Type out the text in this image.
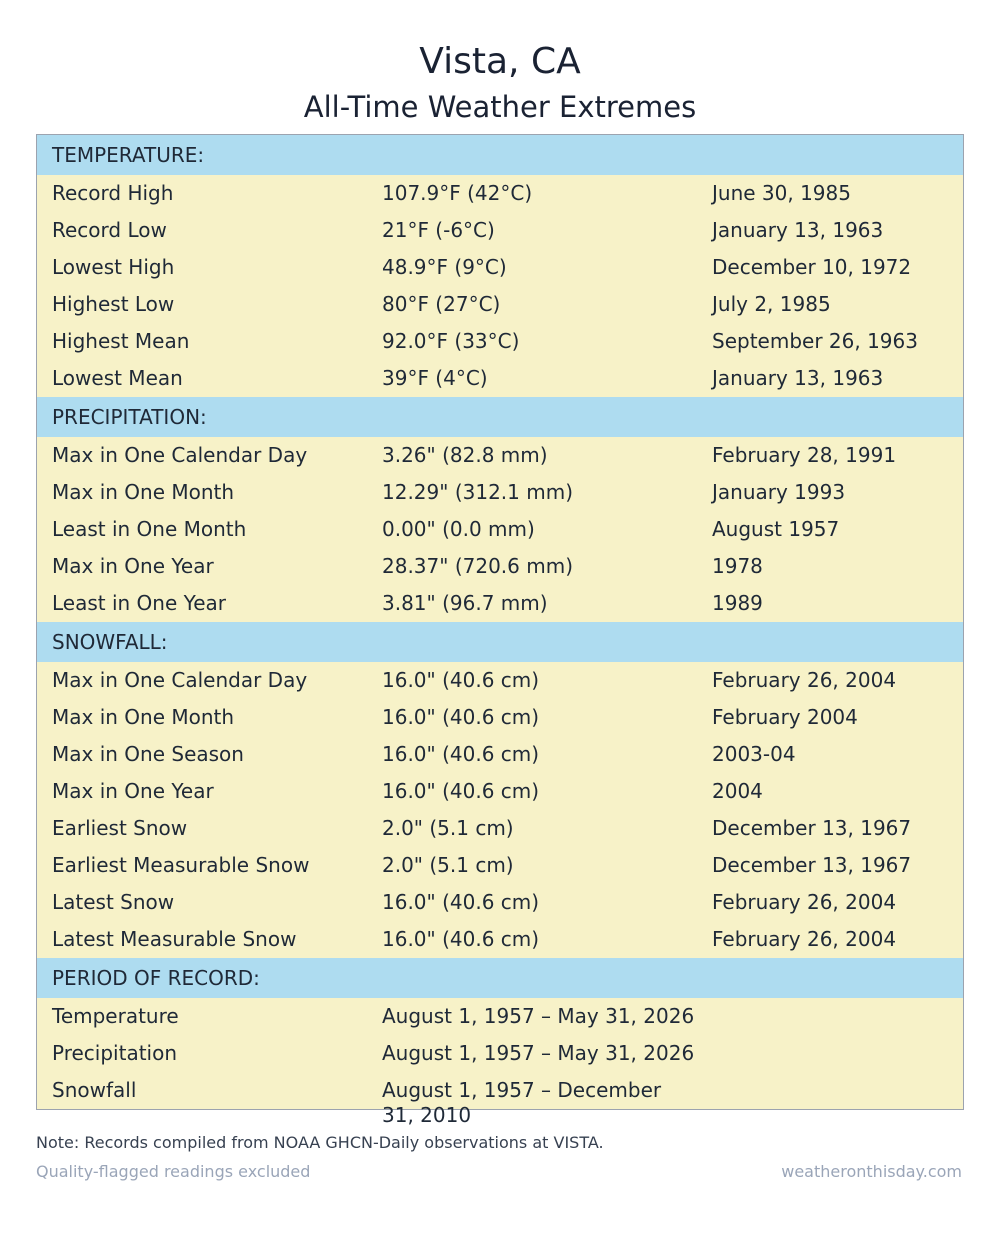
Vista, CA
All-Time Weather Extremes
TEMPERATURE:
Record High	107.9°F (42°C)	June 30, 1985
Record Low	21°F (-6°C)	January 13, 1963
Lowest High	48.9°F (9°C)	December 10, 1972
Highest Low	80°F (27°C)	July 2, 1985
Highest Mean	92.0°F (33°C)	September 26, 1963
Lowest Mean	39°F (4°C)	January 13, 1963
PRECIPITATION:
Max in One Calendar Day	3.26" (82.8 mm)	February 28, 1991
Max in One Month	12.29" (312.1 mm)	January 1993
Least in One Month	0.00" (0.0 mm)	August 1957
Max in One Year	28.37" (720.6 mm)	1978
Least in One Year	3.81" (96.7 mm)	1989
SNOWFALL:
Max in One Calendar Day	16.0" (40.6 cm)	February 26, 2004
Max in One Month	16.0" (40.6 cm)	February 2004
Max in One Season	16.0" (40.6 cm)	2003-04
Max in One Year	16.0" (40.6 cm)	2004
Earliest Snow	2.0" (5.1 cm)	December 13, 1967
Earliest Measurable Snow	2.0" (5.1 cm)	December 13, 1967
Latest Snow	16.0" (40.6 cm)	February 26, 2004
Latest Measurable Snow	16.0" (40.6 cm)	February 26, 2004
PERIOD OF RECORD:
Temperature	August 1, 1957 – May 31, 2026
Precipitation	August 1, 1957 – May 31, 2026
Snowfall	August 1, 1957 – December 31, 2010
Note: Records compiled from NOAA GHCN-Daily observations at VISTA.
Quality-flagged readings excluded	weatheronthisday.com
